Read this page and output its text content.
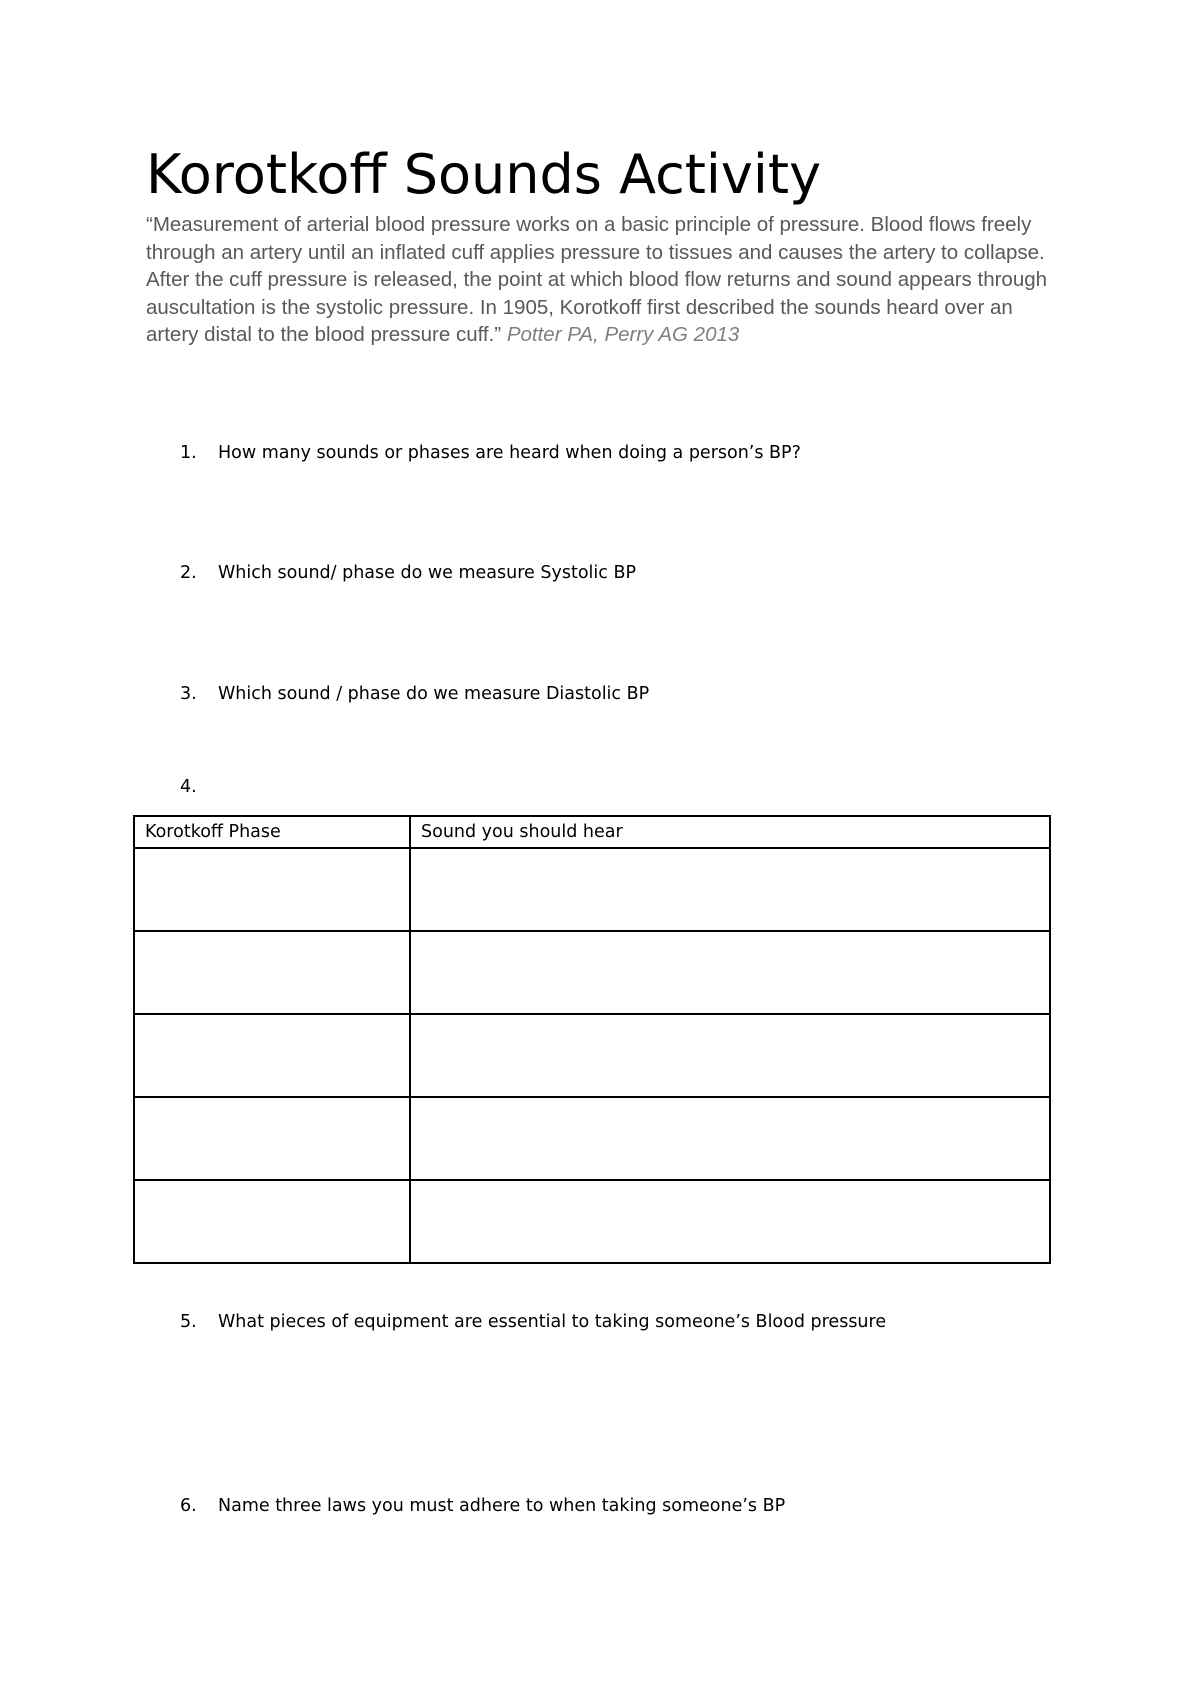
Korotkoff Sounds Activity

“Measurement of arterial blood pressure works on a basic principle of pressure. Blood flows freely through an artery until an inflated cuff applies pressure to tissues and causes the artery to collapse. After the cuff pressure is released, the point at which blood flow returns and sound appears through auscultation is the systolic pressure. In 1905, Korotkoff first described the sounds heard over an artery distal to the blood pressure cuff.” Potter PA, Perry AG 2013

1. How many sounds or phases are heard when doing a person’s BP?

2. Which sound/ phase do we measure Systolic BP

3. Which sound / phase do we measure Diastolic BP

4.

Korotkoff Phase	Sound you should hear

5. What pieces of equipment are essential to taking someone’s Blood pressure

6. Name three laws you must adhere to when taking someone’s BP
